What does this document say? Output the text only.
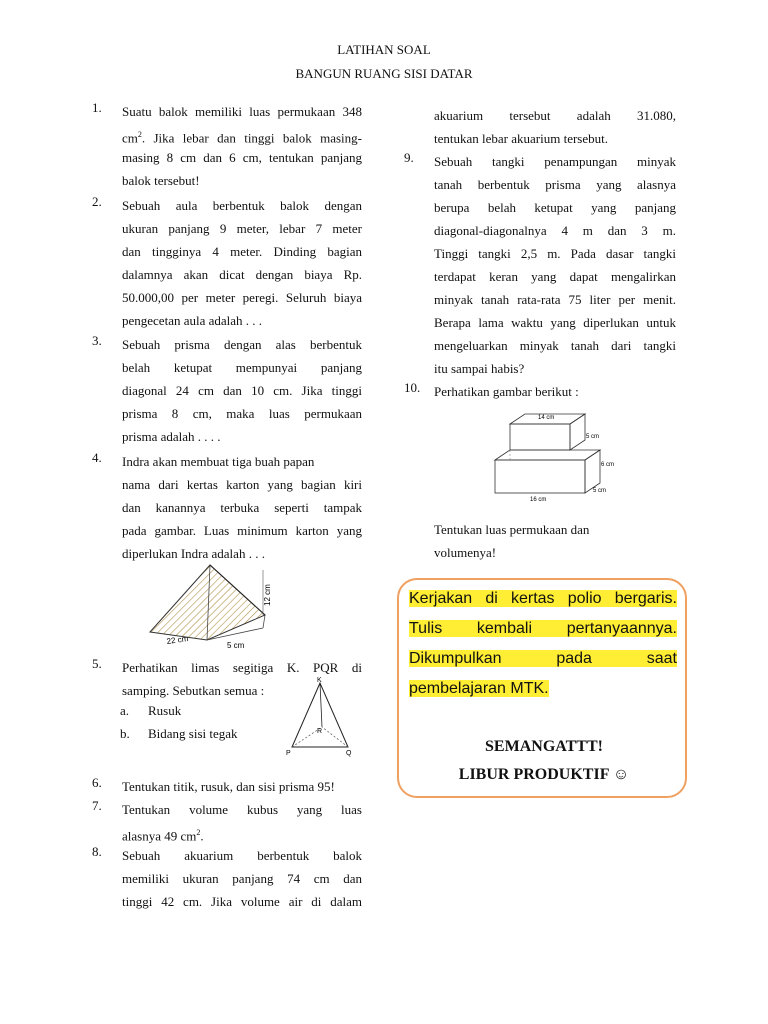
LATIHAN SOAL
BANGUN RUANG SISI DATAR
1. Suatu balok memiliki luas permukaan 348
$cm^2$. Jika lebar dan tinggi balok masing-
masing 8 cm dan 6 cm, tentukan panjang
balok tersebut!
2. Sebuah aula berbentuk balok dengan
ukuran panjang 9 meter, lebar 7 meter
dan tingginya 4 meter. Dinding bagian
dalamnya akan dicat dengan biaya Rp.
50.000,00 per meter peregi. Seluruh biaya
pengecetan aula adalah . . .
3. Sebuah prisma dengan alas berbentuk
belah ketupat mempunyai panjang
diagonal 24 cm dan 10 cm. Jika tinggi
prisma 8 cm, maka luas permukaan
prisma adalah . . . .
4. Indra akan membuat tiga buah papan
nama dari kertas karton yang bagian kiri
dan kanannya terbuka seperti tampak
pada gambar. Luas minimum karton yang
diperlukan Indra adalah . . .
12 cm
22 cm	5 cm
5. Perhatikan limas segitiga K. PQR di
samping. Sebutkan semua :
a. Rusuk
b. Bidang sisi tegak
K
R
P	Q
6. Tentukan titik, rusuk, dan sisi prisma 95!
7. Tentukan volume kubus yang luas
alasnya 49 $cm^2$.
8. Sebuah akuarium berbentuk balok
memiliki ukuran panjang 74 cm dan
tinggi 42 cm. Jika volume air di dalam
akuarium tersebut adalah 31.080,
tentukan lebar akuarium tersebut.
9. Sebuah tangki penampungan minyak
tanah berbentuk prisma yang alasnya
berupa belah ketupat yang panjang
diagonal-diagonalnya 4 m dan 3 m.
Tinggi tangki 2,5 m. Pada dasar tangki
terdapat keran yang dapat mengalirkan
minyak tanah rata-rata 75 liter per menit.
Berapa lama waktu yang diperlukan untuk
mengeluarkan minyak tanah dari tangki
itu sampai habis?
10. Perhatikan gambar berikut :
14 cm
5 cm
6 cm
16 cm
5 cm
Tentukan luas permukaan dan
volumenya!
Kerjakan di kertas polio bergaris.
Tulis kembali pertanyaannya.
Dikumpulkan pada saat
pembelajaran MTK.
SEMANGATTT!
LIBUR PRODUKTIF ☺
